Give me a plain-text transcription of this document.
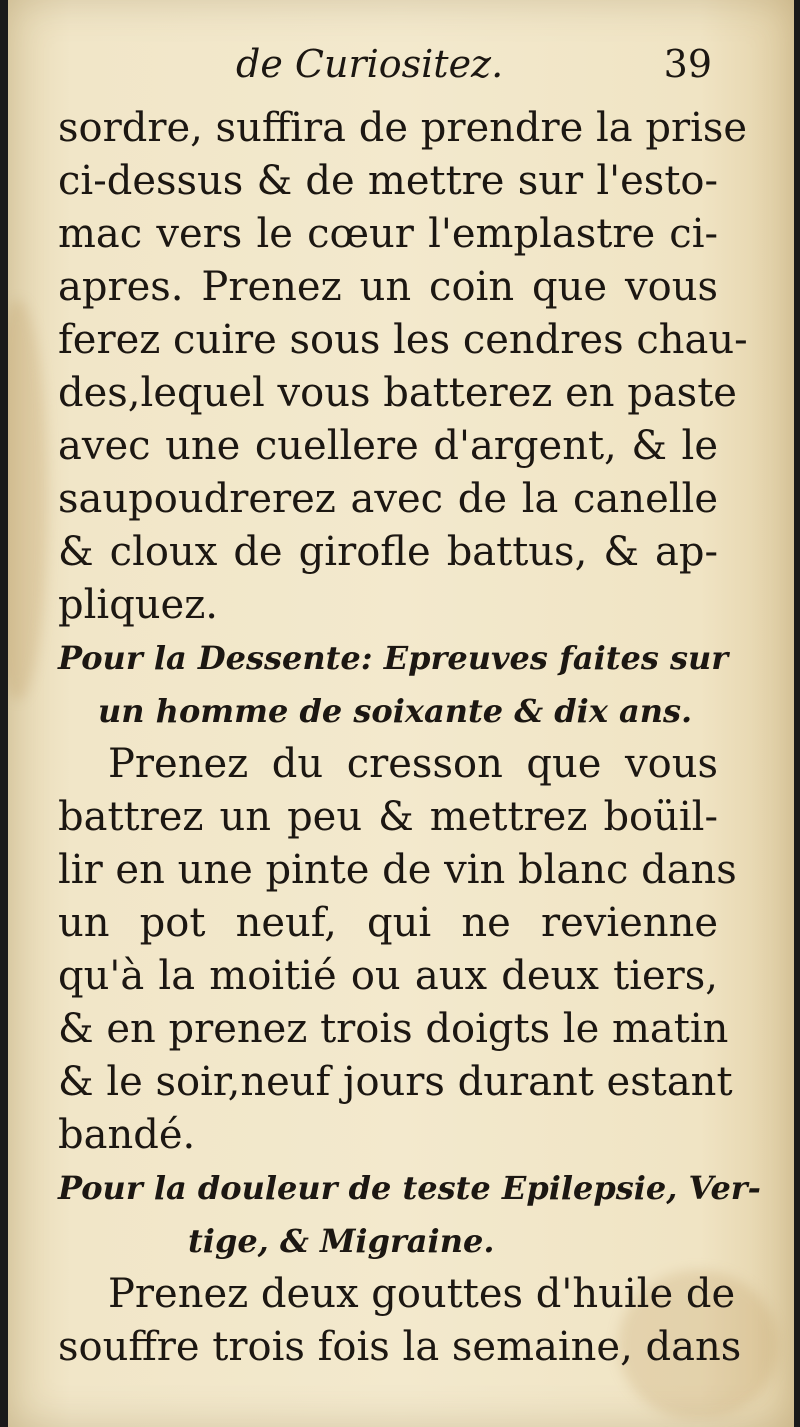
de Curiositez.	39
sordre, suffira de prendre la prise
ci-dessus & de mettre sur l'esto-
mac vers le cœur l'emplastre ci-
apres. Prenez un coin que vous
ferez cuire sous les cendres chau-
des,lequel vous batterez en paste
avec une cuellere d'argent, & le
saupoudrerez avec de la canelle
& cloux de girofle battus, & ap-
pliquez.
Pour la Dessente: Epreuves faites sur
un homme de soixante & dix ans.
Prenez du cresson que vous
battrez un peu & mettrez boüil-
lir en une pinte de vin blanc dans
un pot neuf, qui ne revienne
qu'à la moitié ou aux deux tiers,
& en prenez trois doigts le matin
& le soir,neuf jours durant estant
bandé.
Pour la douleur de teste Epilepsie, Ver-
tige, & Migraine.
Prenez deux gouttes d'huile de
souffre trois fois la semaine, dans
